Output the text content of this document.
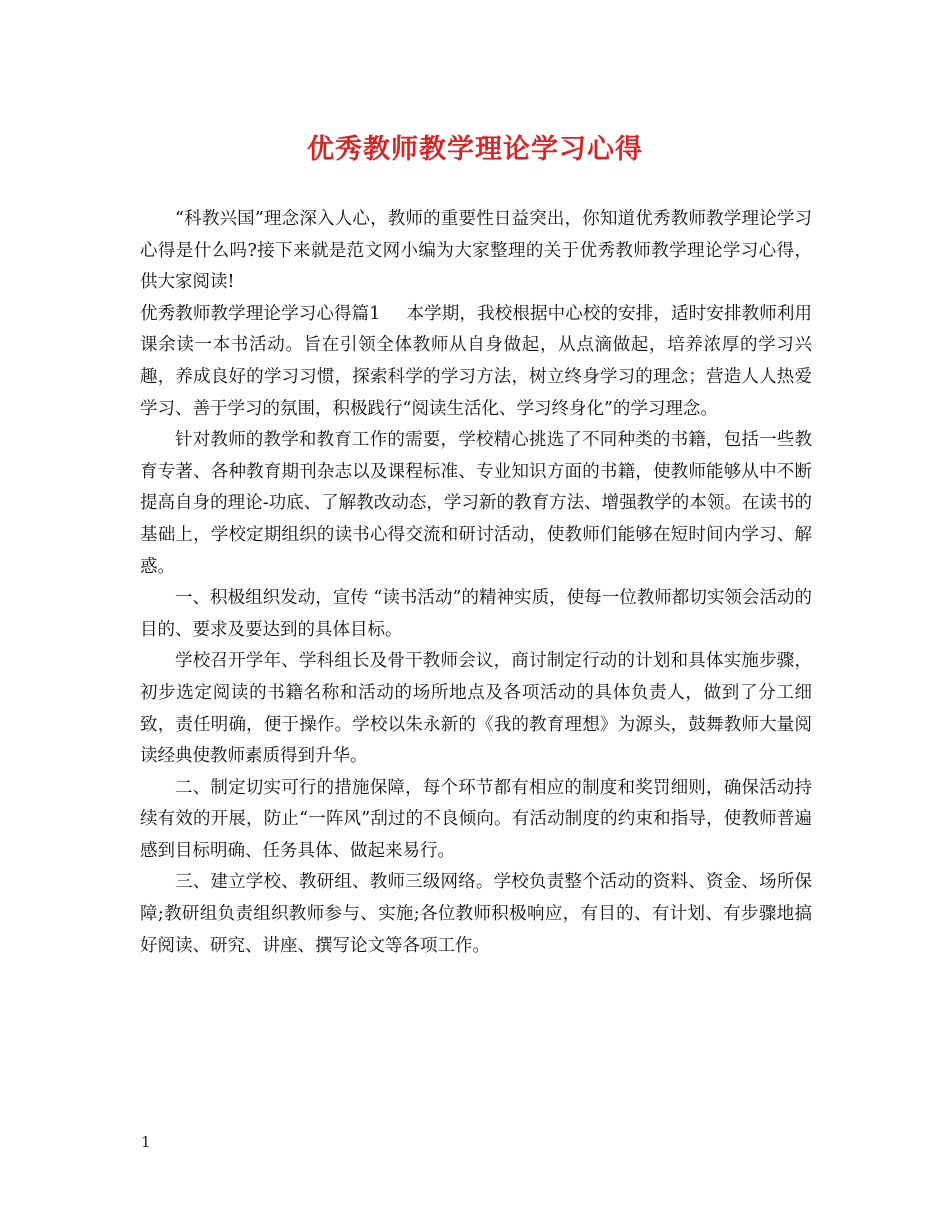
优秀教师教学理论学习心得

“科教兴国”理念深入人心，教师的重要性日益突出，你知道优秀教师教学理论学习心得是什么吗?接下来就是范文网小编为大家整理的关于优秀教师教学理论学习心得，供大家阅读!

优秀教师教学理论学习心得篇1 本学期，我校根据中心校的安排，适时安排教师利用课余读一本书活动。旨在引领全体教师从自身做起，从点滴做起，培养浓厚的学习兴趣，养成良好的学习习惯，探索科学的学习方法，树立终身学习的理念；营造人人热爱学习、善于学习的氛围，积极践行“阅读生活化、学习终身化”的学习理念。

针对教师的教学和教育工作的需要，学校精心挑选了不同种类的书籍，包括一些教育专著、各种教育期刊杂志以及课程标准、专业知识方面的书籍，使教师能够从中不断提高自身的理论-功底、了解教改动态，学习新的教育方法、增强教学的本领。在读书的基础上，学校定期组织的读书心得交流和研讨活动，使教师们能够在短时间内学习、解惑。

一、积极组织发动，宣传 “读书活动”的精神实质，使每一位教师都切实领会活动的目的、要求及要达到的具体目标。

学校召开学年、学科组长及骨干教师会议，商讨制定行动的计划和具体实施步骤，初步选定阅读的书籍名称和活动的场所地点及各项活动的具体负责人，做到了分工细致，责任明确，便于操作。学校以朱永新的《我的教育理想》为源头，鼓舞教师大量阅读经典使教师素质得到升华。

二、制定切实可行的措施保障，每个环节都有相应的制度和奖罚细则，确保活动持续有效的开展，防止“一阵风”刮过的不良倾向。有活动制度的约束和指导，使教师普遍感到目标明确、任务具体、做起来易行。

三、建立学校、教研组、教师三级网络。学校负责整个活动的资料、资金、场所保障;教研组负责组织教师参与、实施;各位教师积极响应，有目的、有计划、有步骤地搞好阅读、研究、讲座、撰写论文等各项工作。

1
